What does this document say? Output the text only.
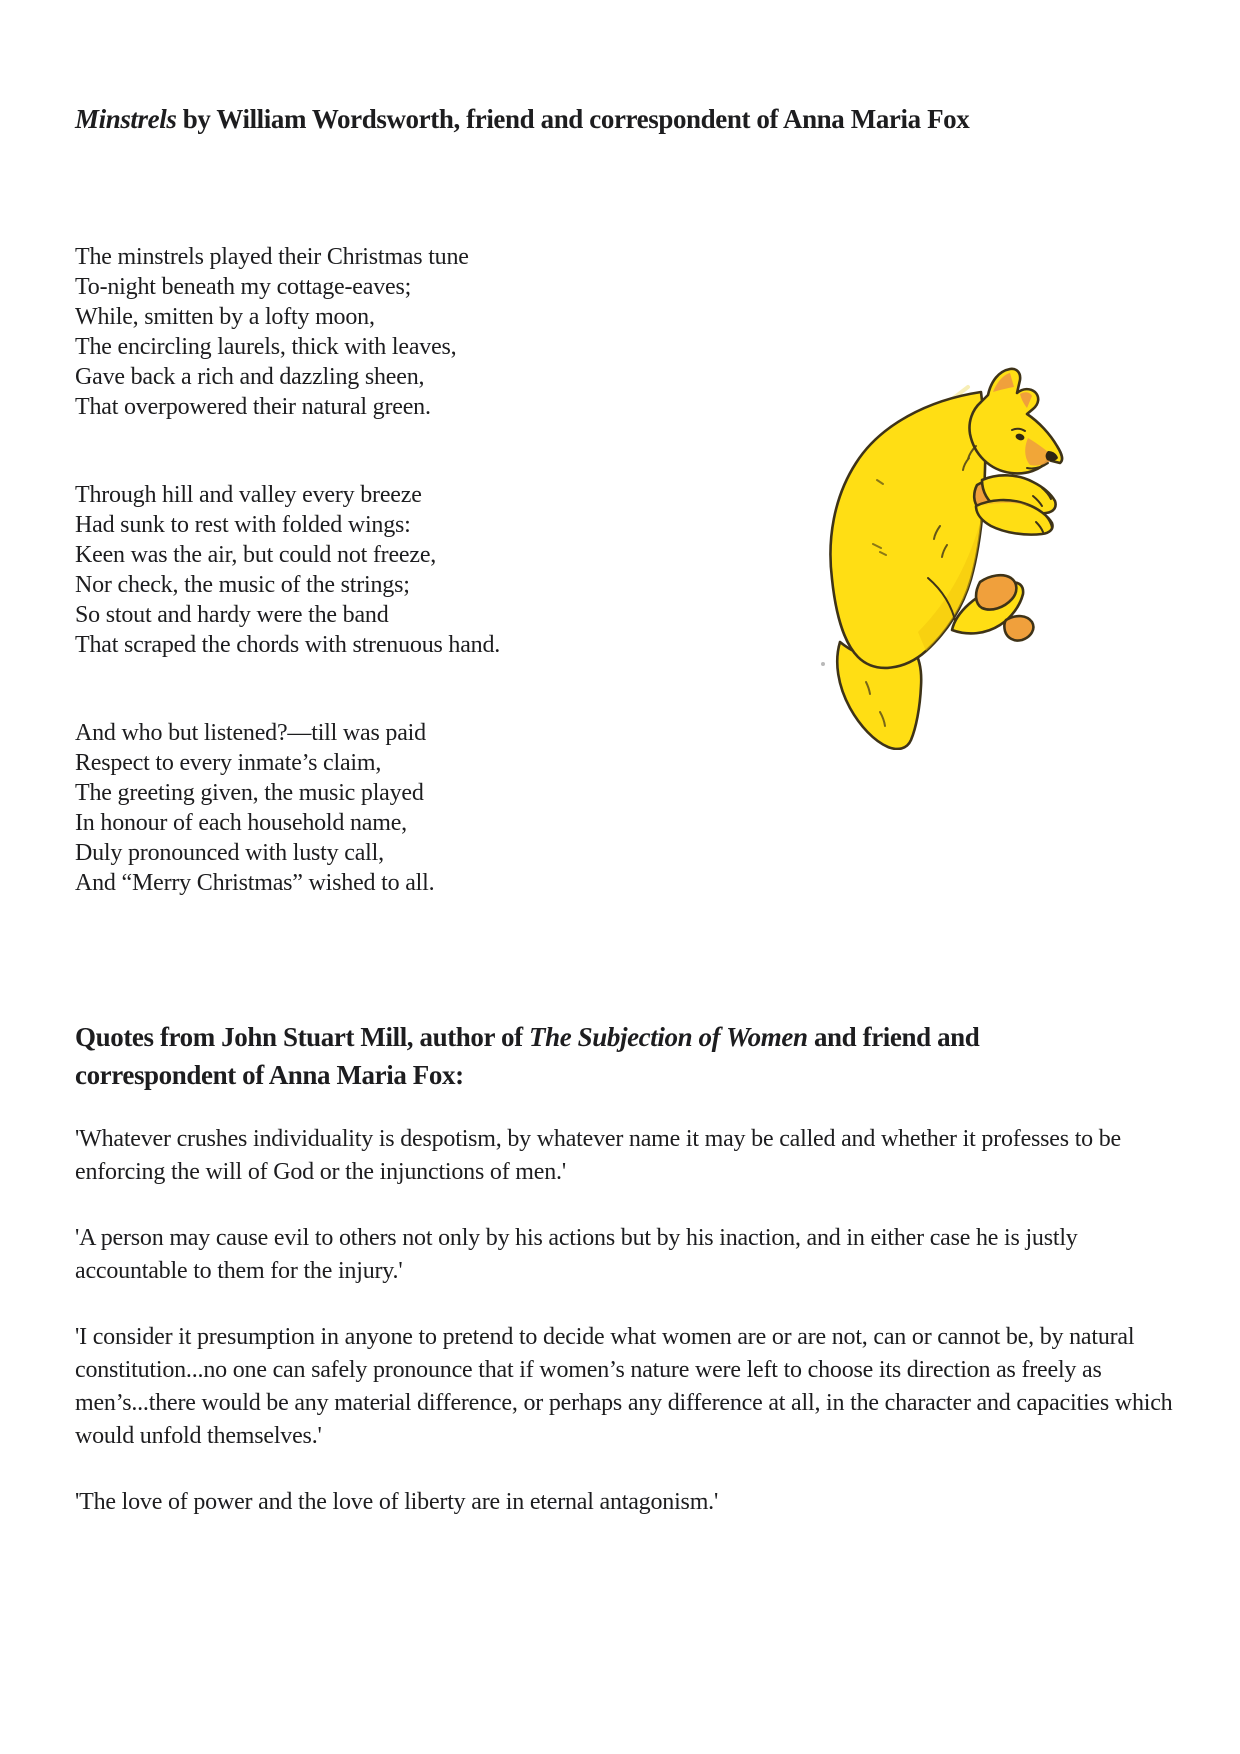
Minstrels by William Wordsworth, friend and correspondent of Anna Maria Fox

The minstrels played their Christmas tune
To-night beneath my cottage-eaves;
While, smitten by a lofty moon,
The encircling laurels, thick with leaves,
Gave back a rich and dazzling sheen,
That overpowered their natural green.

Through hill and valley every breeze
Had sunk to rest with folded wings:
Keen was the air, but could not freeze,
Nor check, the music of the strings;
So stout and hardy were the band
That scraped the chords with strenuous hand.

And who but listened?—till was paid
Respect to every inmate’s claim,
The greeting given, the music played
In honour of each household name,
Duly pronounced with lusty call,
And “Merry Christmas” wished to all.

Quotes from John Stuart Mill, author of The Subjection of Women and friend and correspondent of Anna Maria Fox:

'Whatever crushes individuality is despotism, by whatever name it may be called and whether it professes to be enforcing the will of God or the injunctions of men.'

'A person may cause evil to others not only by his actions but by his inaction, and in either case he is justly accountable to them for the injury.'

'I consider it presumption in anyone to pretend to decide what women are or are not, can or cannot be, by natural constitution...no one can safely pronounce that if women’s nature were left to choose its direction as freely as men’s...there would be any material difference, or perhaps any difference at all, in the character and capacities which would unfold themselves.'

'The love of power and the love of liberty are in eternal antagonism.'
